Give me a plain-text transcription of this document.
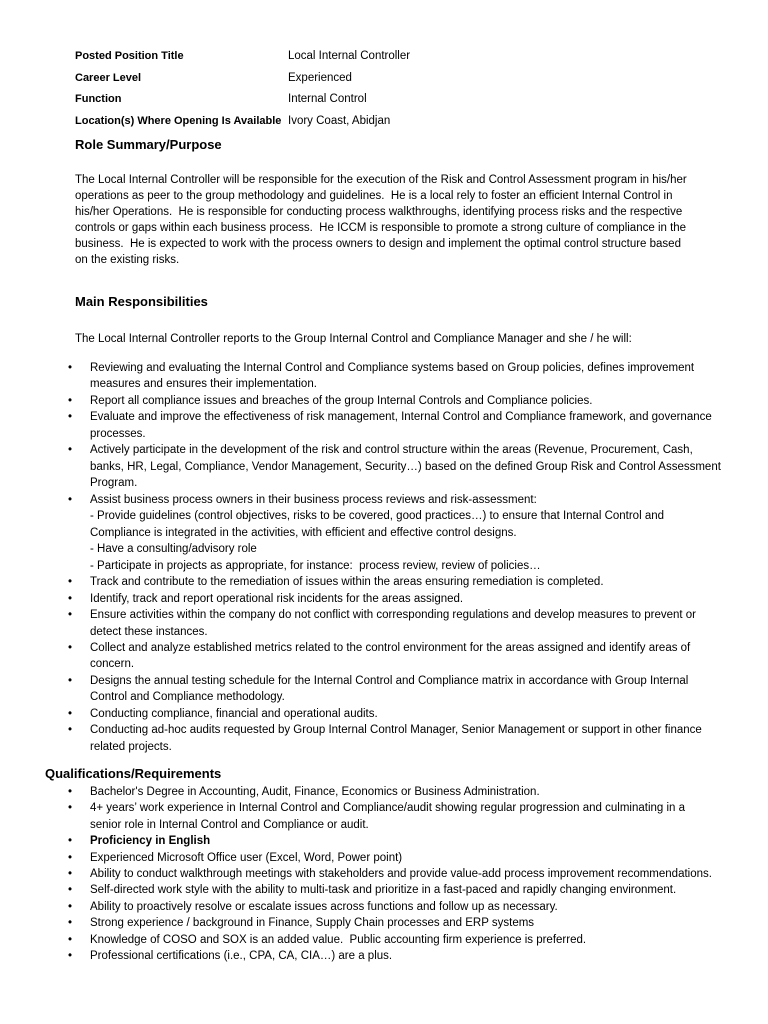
Posted Position Title	Local Internal Controller
Career Level	Experienced
Function	Internal Control
Location(s) Where Opening Is Available Ivory Coast, Abidjan
Role Summary/Purpose
The Local Internal Controller will be responsible for the execution of the Risk and Control Assessment program in his/her
operations as peer to the group methodology and guidelines.  He is a local rely to foster an efficient Internal Control in
his/her Operations.  He is responsible for conducting process walkthroughs, identifying process risks and the respective
controls or gaps within each business process.  He ICCM is responsible to promote a strong culture of compliance in the
business.  He is expected to work with the process owners to design and implement the optimal control structure based
on the existing risks.
Main Responsibilities
The Local Internal Controller reports to the Group Internal Control and Compliance Manager and she / he will:
•
Reviewing and evaluating the Internal Control and Compliance systems based on Group policies, defines improvement
measures and ensures their implementation.
•
Report all compliance issues and breaches of the group Internal Controls and Compliance policies.
•
Evaluate and improve the effectiveness of risk management, Internal Control and Compliance framework, and governance
processes.
•
Actively participate in the development of the risk and control structure within the areas (Revenue, Procurement, Cash,
banks, HR, Legal, Compliance, Vendor Management, Security…) based on the defined Group Risk and Control Assessment
Program.
•
Assist business process owners in their business process reviews and risk-assessment:
- Provide guidelines (control objectives, risks to be covered, good practices…) to ensure that Internal Control and
Compliance is integrated in the activities, with efficient and effective control designs.
- Have a consulting/advisory role
- Participate in projects as appropriate, for instance:  process review, review of policies…
•
Track and contribute to the remediation of issues within the areas ensuring remediation is completed.
•
Identify, track and report operational risk incidents for the areas assigned.
•
Ensure activities within the company do not conflict with corresponding regulations and develop measures to prevent or
detect these instances.
•
Collect and analyze established metrics related to the control environment for the areas assigned and identify areas of
concern.
•
Designs the annual testing schedule for the Internal Control and Compliance matrix in accordance with Group Internal
Control and Compliance methodology.
•
Conducting compliance, financial and operational audits.
•
Conducting ad-hoc audits requested by Group Internal Control Manager, Senior Management or support in other finance
related projects.
Qualifications/Requirements
•
Bachelor's Degree in Accounting, Audit, Finance, Economics or Business Administration.
•
4+ years’ work experience in Internal Control and Compliance/audit showing regular progression and culminating in a
senior role in Internal Control and Compliance or audit.
•
Proficiency in English
•
Experienced Microsoft Office user (Excel, Word, Power point)
•
Ability to conduct walkthrough meetings with stakeholders and provide value-add process improvement recommendations.
•
Self-directed work style with the ability to multi-task and prioritize in a fast-paced and rapidly changing environment.
•
Ability to proactively resolve or escalate issues across functions and follow up as necessary.
•
Strong experience / background in Finance, Supply Chain processes and ERP systems
•
Knowledge of COSO and SOX is an added value.  Public accounting firm experience is preferred.
•
Professional certifications (i.e., CPA, CA, CIA…) are a plus.
